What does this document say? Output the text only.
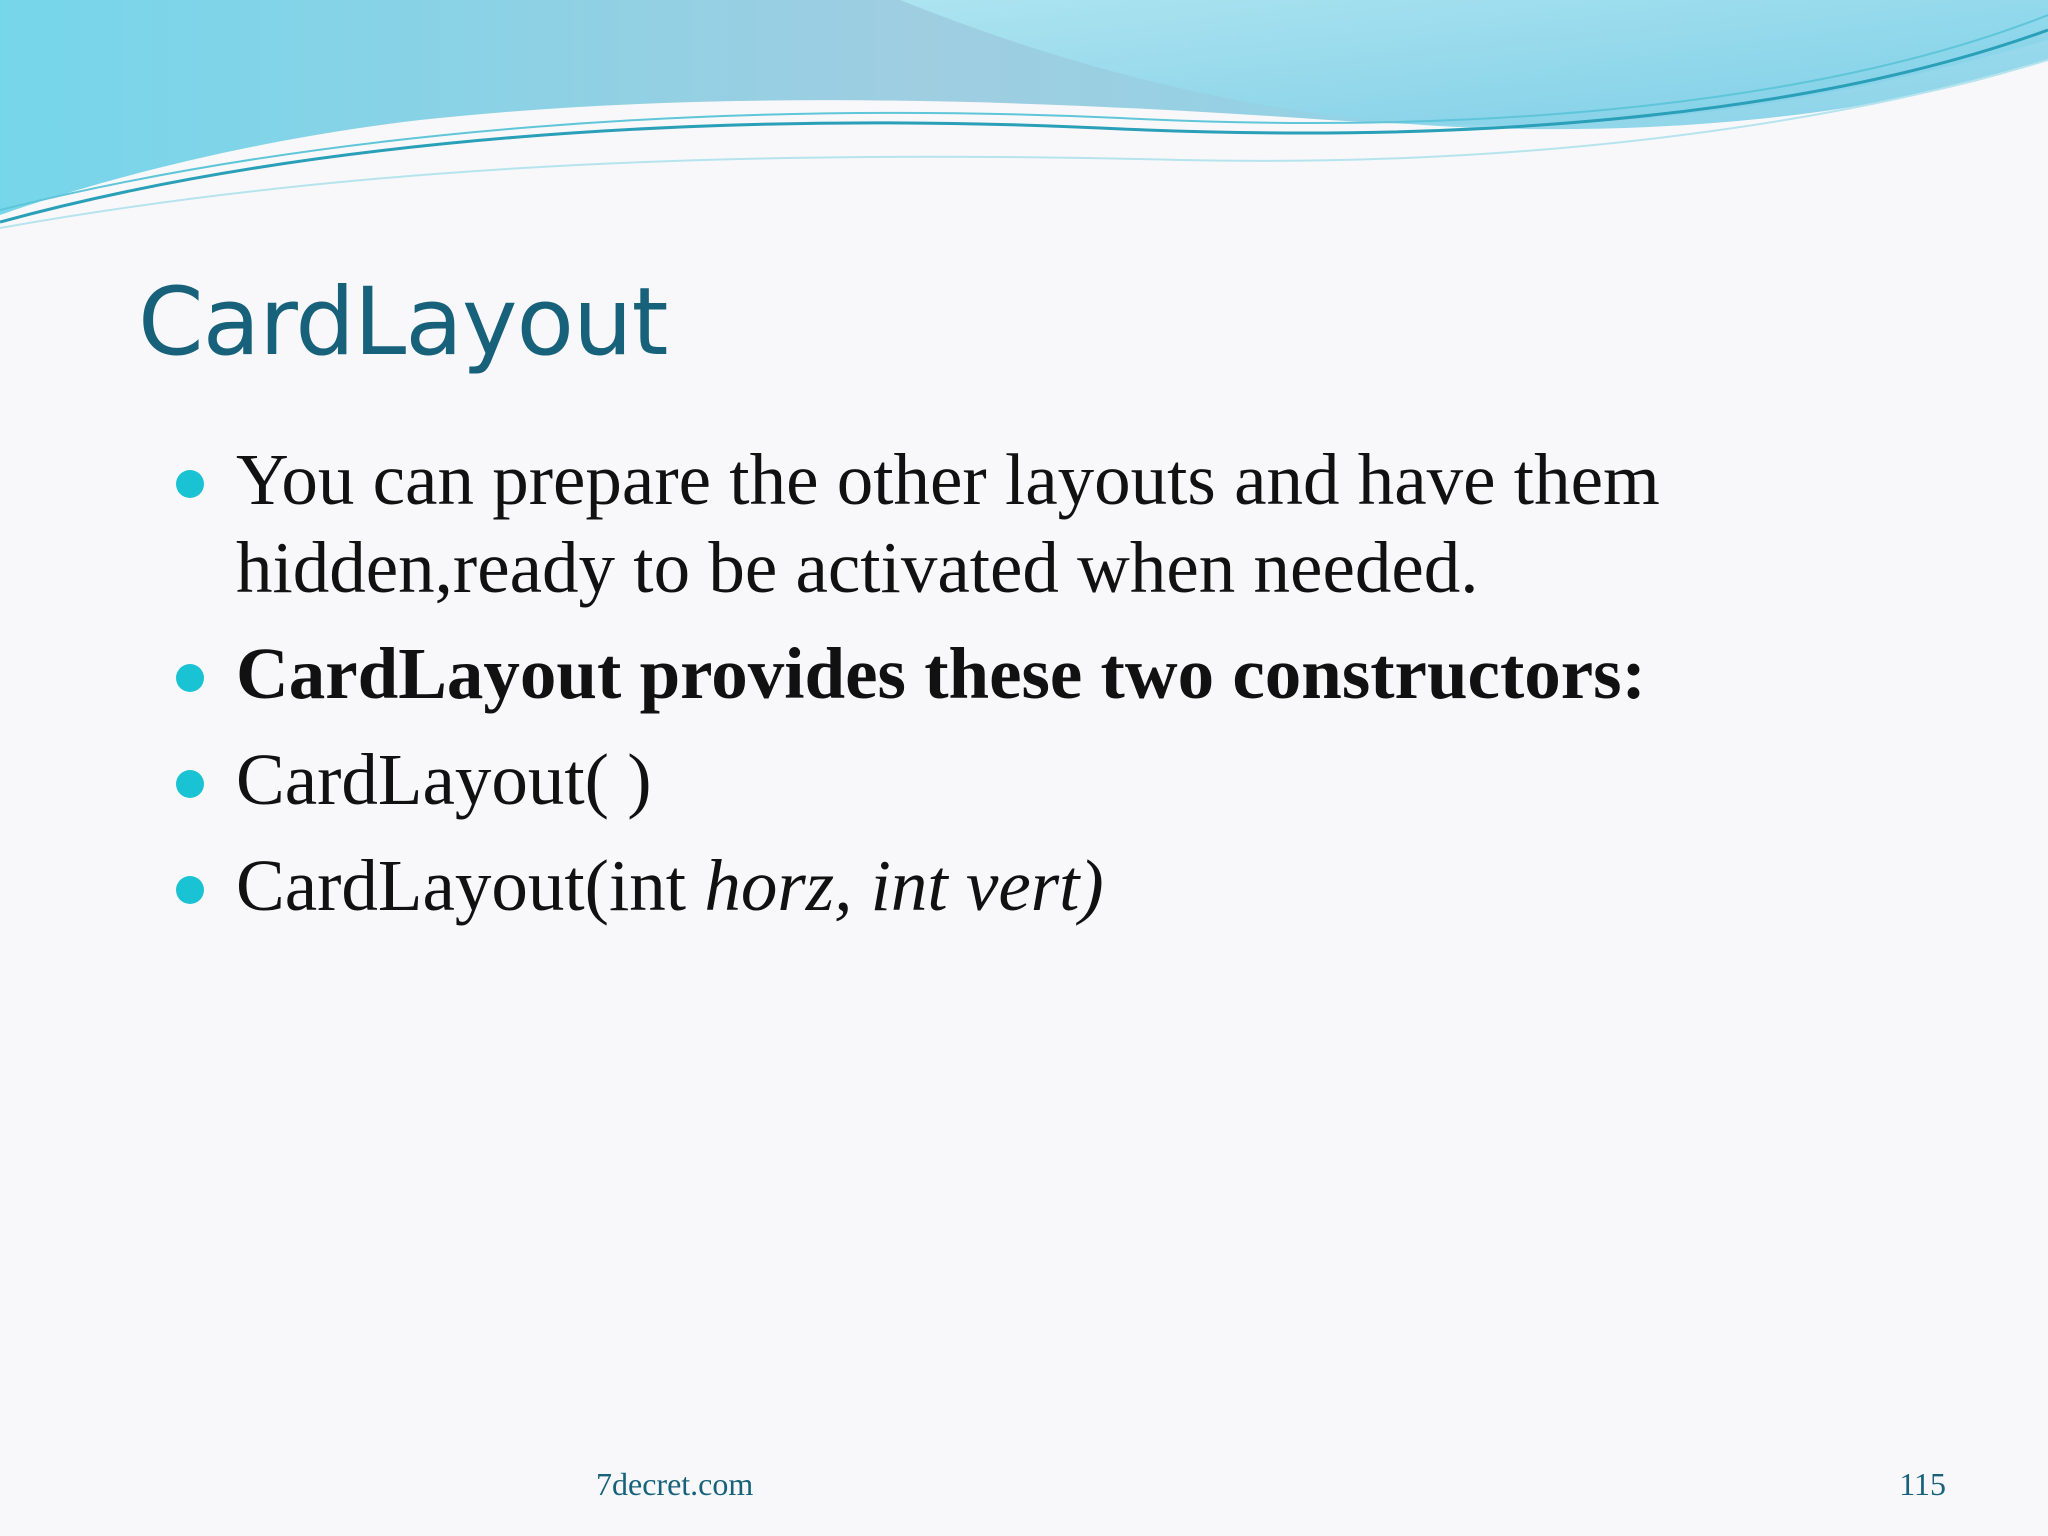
CardLayout
You can prepare the other layouts and have them hidden,ready to be activated when needed.
CardLayout provides these two constructors:
CardLayout( )
CardLayout(int horz, int vert)
7decret.com	115
